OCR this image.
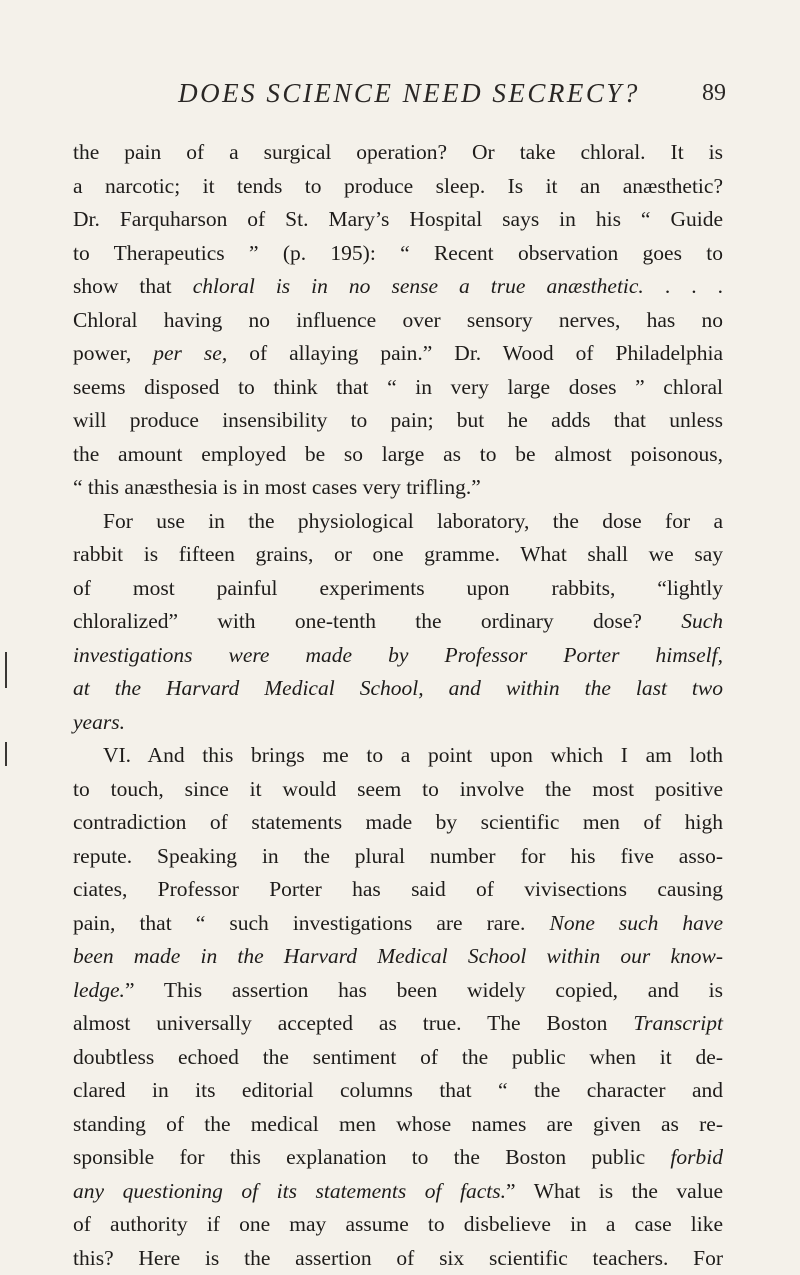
DOES SCIENCE NEED SECRECY?	89
the pain of a surgical operation? Or take chloral. It is
a narcotic; it tends to produce sleep. Is it an anæsthetic?
Dr. Farquharson of St. Mary’s Hospital says in his “ Guide
to Therapeutics ” (p. 195): “ Recent observation goes to
show that chloral is in no sense a true anæsthetic. . . .
Chloral having no influence over sensory nerves, has no
power, per se, of allaying pain.” Dr. Wood of Philadelphia
seems disposed to think that “ in very large doses ” chloral
will produce insensibility to pain; but he adds that unless
the amount employed be so large as to be almost poisonous,
“ this anæsthesia is in most cases very trifling.”
For use in the physiological laboratory, the dose for a
rabbit is fifteen grains, or one gramme. What shall we say
of most painful experiments upon rabbits, “lightly
chloralized” with one-tenth the ordinary dose? Such
investigations were made by Professor Porter himself,
at the Harvard Medical School, and within the last two
years.
VI. And this brings me to a point upon which I am loth
to touch, since it would seem to involve the most positive
contradiction of statements made by scientific men of high
repute. Speaking in the plural number for his five asso-
ciates, Professor Porter has said of vivisections causing
pain, that “ such investigations are rare. None such have
been made in the Harvard Medical School within our know-
ledge.” This assertion has been widely copied, and is
almost universally accepted as true. The Boston Transcript
doubtless echoed the sentiment of the public when it de-
clared in its editorial columns that “ the character and
standing of the medical men whose names are given as re-
sponsible for this explanation to the Boston public forbid
any questioning of its statements of facts.” What is the value
of authority if one may assume to disbelieve in a case like
this? Here is the assertion of six scientific teachers. For
